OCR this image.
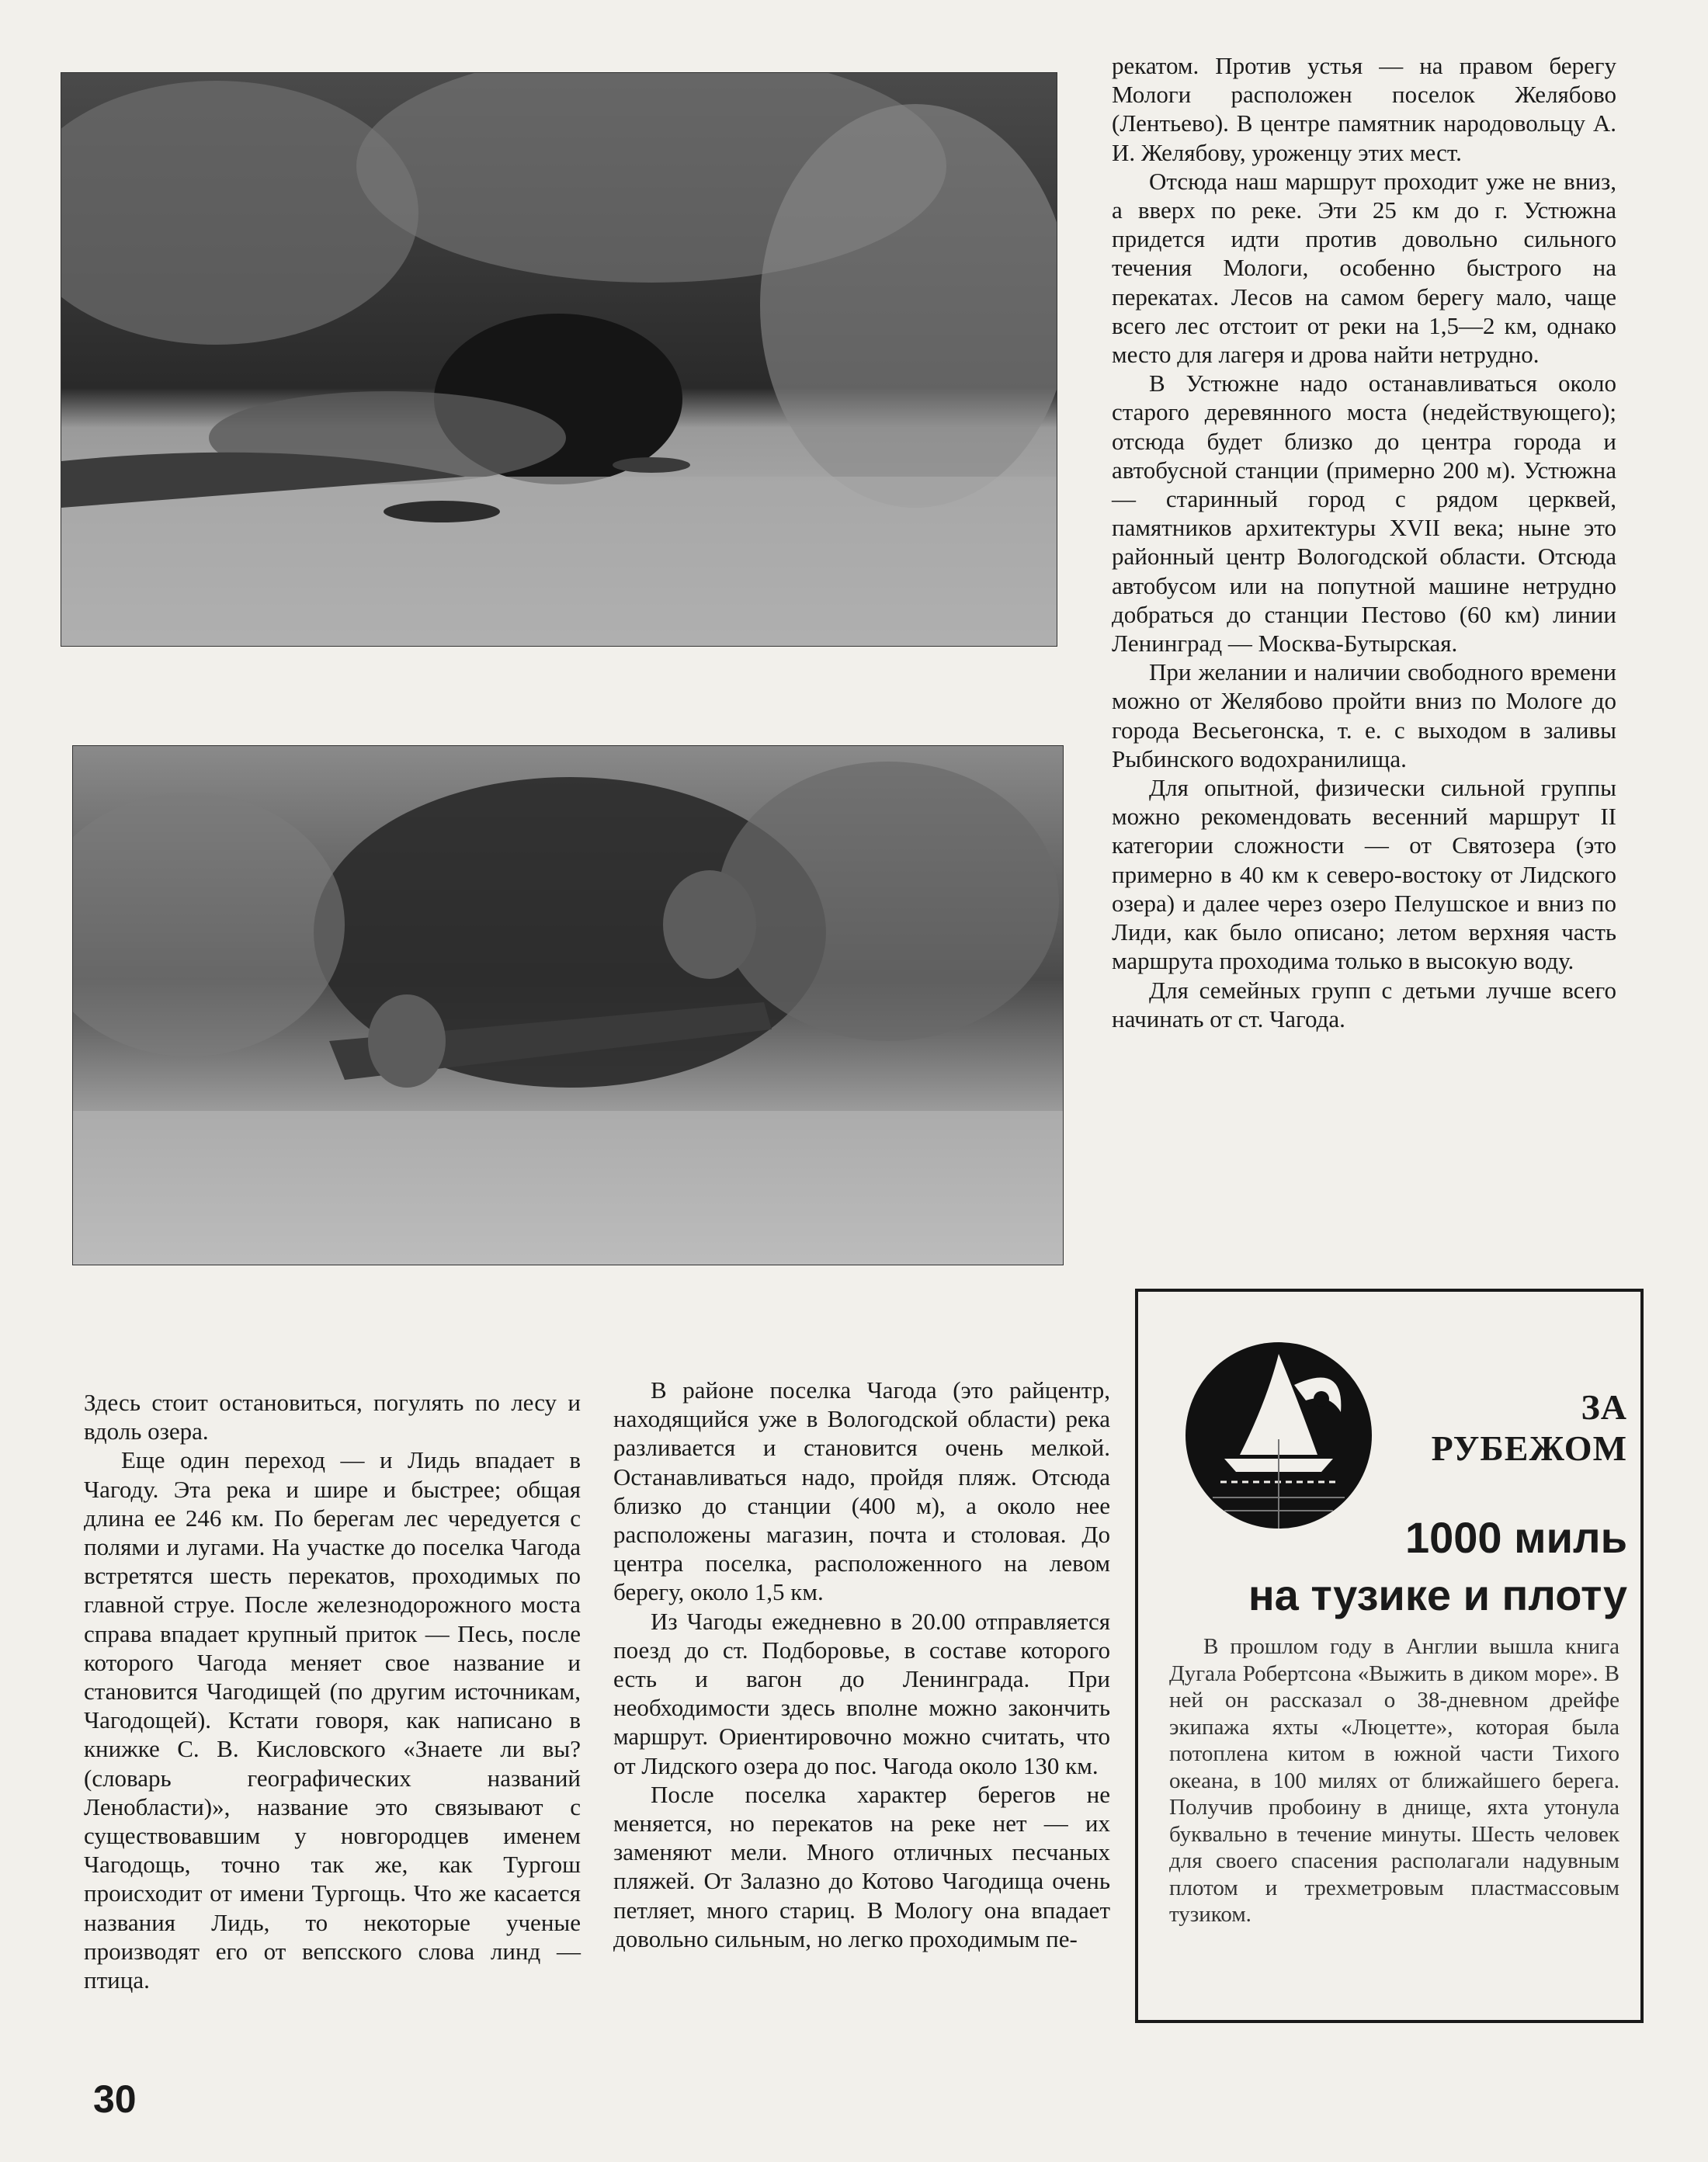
рекатом. Против устья — на правом берегу Мологи расположен поселок Желябово (Лентьево). В центре памятник народовольцу А. И. Желябову, уроженцу этих мест.

Отсюда наш маршрут проходит уже не вниз, а вверх по реке. Эти 25 км до г. Устюжна придется идти против довольно сильного течения Мологи, особенно быстрого на перекатах. Лесов на самом берегу мало, чаще всего лес отстоит от реки на 1,5—2 км, однако место для лагеря и дрова найти нетрудно.

В Устюжне надо останавливаться около старого деревянного моста (недействующего); отсюда будет близко до центра города и автобусной станции (примерно 200 м). Устюжна — старинный город с рядом церквей, памятников архитектуры XVII века; ныне это районный центр Вологодской области. Отсюда автобусом или на попутной машине нетрудно добраться до станции Пестово (60 км) линии Ленинград — Москва-Бутырская.

При желании и наличии свободного времени можно от Желябово пройти вниз по Мологе до города Весьегонска, т. е. с выходом в заливы Рыбинского водохранилища.

Для опытной, физически сильной группы можно рекомендовать весенний маршрут II категории сложности — от Святозера (это примерно в 40 км к северо-востоку от Лидского озера) и далее через озеро Пелушское и вниз по Лиди, как было описано; летом верхняя часть маршрута проходима только в высокую воду.

Для семейных групп с детьми лучше всего начинать от ст. Чагода.

Здесь стоит остановиться, погулять по лесу и вдоль озера.

Еще один переход — и Лидь впадает в Чагоду. Эта река и шире и быстрее; общая длина ее 246 км. По берегам лес чередуется с полями и лугами. На участке до поселка Чагода встретятся шесть перекатов, проходимых по главной струе. После железнодорожного моста справа впадает крупный приток — Песь, после которого Чагода меняет свое название и становится Чагодищей (по другим источникам, Чагодощей). Кстати говоря, как написано в книжке С. В. Кисловского «Знаете ли вы? (словарь географических названий Ленобласти)», название это связывают с существовавшим у новгородцев именем Чагодощь, точно так же, как Тургош происходит от имени Тургощь. Что же касается названия Лидь, то некоторые ученые производят его от вепсского слова линд — птица.

В районе поселка Чагода (это райцентр, находящийся уже в Вологодской области) река разливается и становится очень мелкой. Останавливаться надо, пройдя пляж. Отсюда близко до станции (400 м), а около нее расположены магазин, почта и столовая. До центра поселка, расположенного на левом берегу, около 1,5 км.

Из Чагоды ежедневно в 20.00 отправляется поезд до ст. Подборовье, в составе которого есть и вагон до Ленинграда. При необходимости здесь вполне можно закончить маршрут. Ориентировочно можно считать, что от Лидского озера до пос. Чагода около 130 км.

После поселка характер берегов не меняется, но перекатов на реке нет — их заменяют мели. Много отличных песчаных пляжей. От Залазно до Котово Чагодища очень петляет, много стариц. В Мологу она впадает довольно сильным, но легко проходимым пе-

ЗА РУБЕЖОМ
1000 миль
на тузике и плоту

В прошлом году в Англии вышла книга Дугала Робертсона «Выжить в диком море». В ней он рассказал о 38-дневном дрейфе экипажа яхты «Люцетте», которая была потоплена китом в южной части Тихого океана, в 100 милях от ближайшего берега. Получив пробоину в днище, яхта утонула буквально в течение минуты. Шесть человек для своего спасения располагали надувным плотом и трехметровым пластмассовым тузиком.

30
